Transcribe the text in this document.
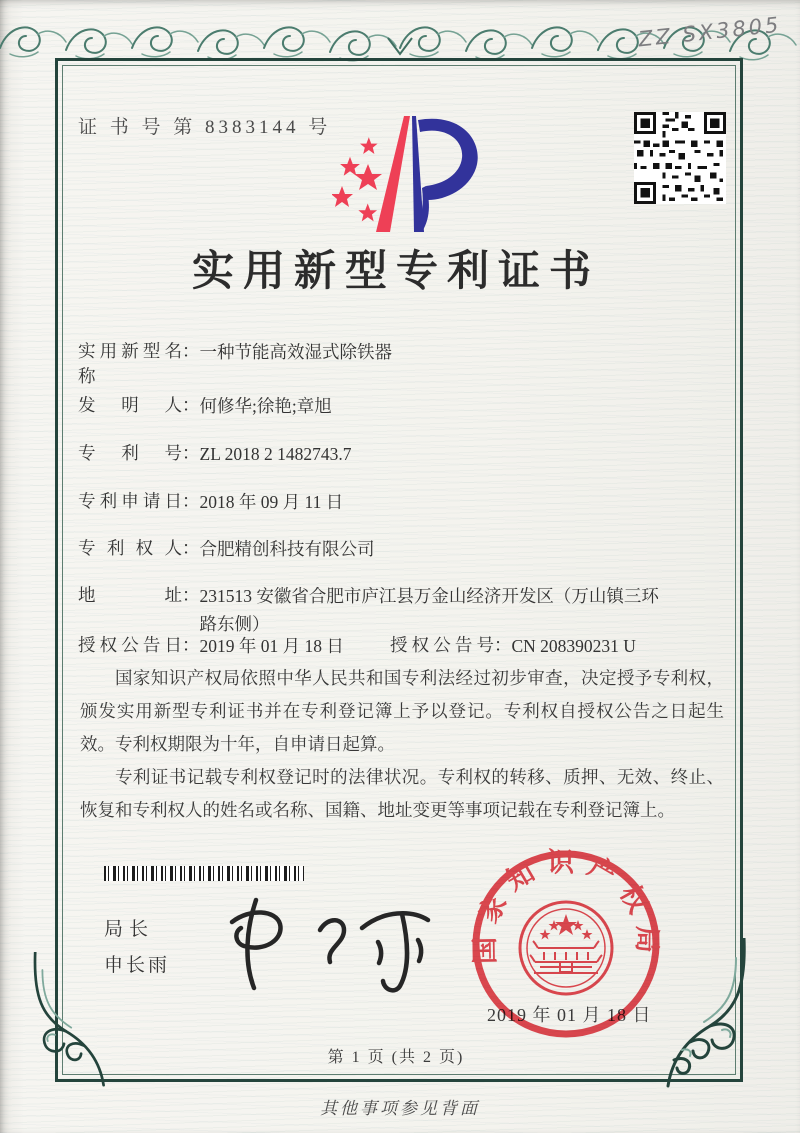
ZZ SX3805
证 书 号 第 8383144 号
实用新型专利证书
实用新型名称：一种节能高效湿式除铁器
发明人：何修华;徐艳;章旭
专利号：ZL 2018 2 1482743.7
专利申请日：2018 年 09 月 11 日
专利权人：合肥精创科技有限公司
地址：231513 安徽省合肥市庐江县万金山经济开发区（万山镇三环路东侧）
授权公告日：2019 年 01 月 18 日	授权公告号：CN 208390231 U

国家知识产权局依照中华人民共和国专利法经过初步审查，决定授予专利权，颁发实用新型专利证书并在专利登记簿上予以登记。专利权自授权公告之日起生效。专利权期限为十年，自申请日起算。

专利证书记载专利权登记时的法律状况。专利权的转移、质押、无效、终止、恢复和专利权人的姓名或名称、国籍、地址变更等事项记载在专利登记簿上。

局长
申长雨
2019 年 01 月 18 日
国家知识产权局
第 1 页 (共 2 页)
其他事项参见背面
